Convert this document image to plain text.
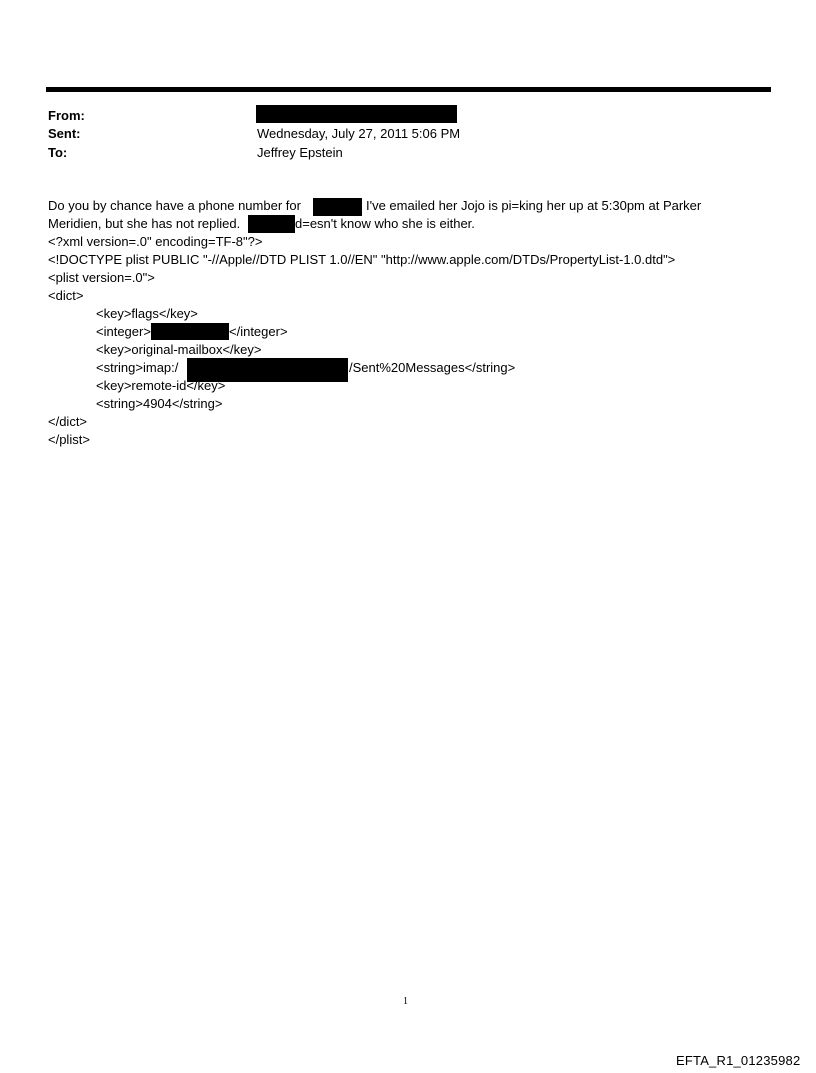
From:
Sent:	Wednesday, July 27, 2011 5:06 PM
To:	Jeffrey Epstein
Do you by chance have a phone number for	I've emailed her Jojo is pi=king her up at 5:30pm at Parker
Meridien, but she has not replied.	d=esn't know who she is either.
<?xml version=.0" encoding=TF-8"?>
<!DOCTYPE plist PUBLIC "-//Apple//DTD PLIST 1.0//EN" "http://www.apple.com/DTDs/PropertyList-1.0.dtd">
<plist version=.0">
<dict>
<key>flags</key>
<integer>	</integer>
<key>original-mailbox</key>
<string>imap:/	/Sent%20Messages</string>
<key>remote-id</key>
<string>4904</string>
</dict>
</plist>
1
EFTA_R1_01235982
